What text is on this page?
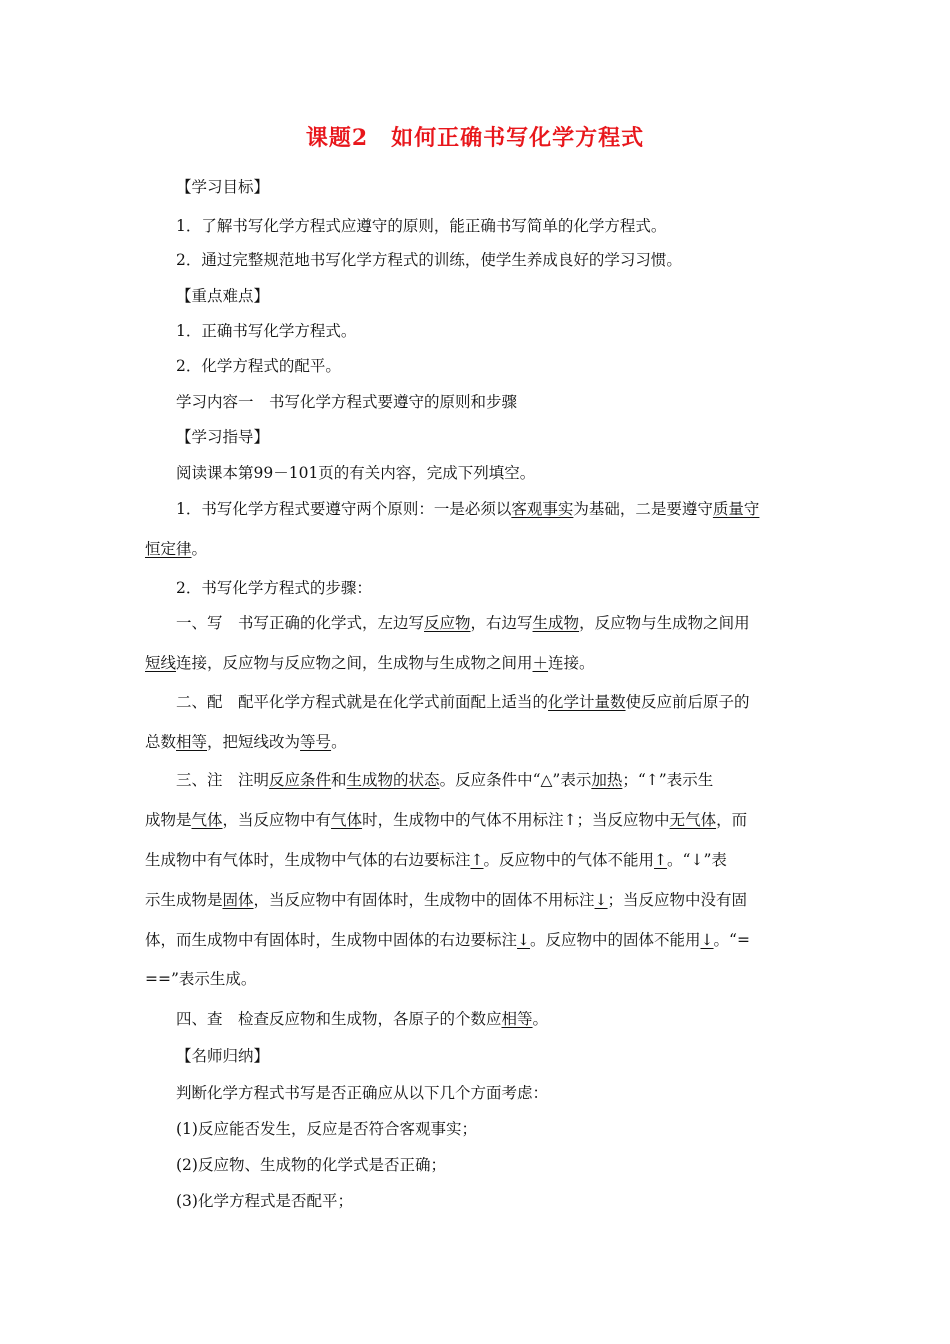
课题2　如何正确书写化学方程式
【学习目标】
1．了解书写化学方程式应遵守的原则，能正确书写简单的化学方程式。
2．通过完整规范地书写化学方程式的训练，使学生养成良好的学习习惯。
【重点难点】
1．正确书写化学方程式。
2．化学方程式的配平。
学习内容一　书写化学方程式要遵守的原则和步骤
【学习指导】
阅读课本第99－101页的有关内容，完成下列填空。
1．书写化学方程式要遵守两个原则：一是必须以客观事实为基础，二是要遵守质量守
恒定律。
2．书写化学方程式的步骤：
一、写　书写正确的化学式，左边写反应物，右边写生成物，反应物与生成物之间用
短线连接，反应物与反应物之间，生成物与生成物之间用＋连接。
二、配　配平化学方程式就是在化学式前面配上适当的化学计量数使反应前后原子的
总数相等，把短线改为等号。
三、注　注明反应条件和生成物的状态。反应条件中“△”表示加热；“↑”表示生
成物是气体，当反应物中有气体时，生成物中的气体不用标注↑；当反应物中无气体，而
生成物中有气体时，生成物中气体的右边要标注↑。反应物中的气体不能用↑。“↓”表
示生成物是固体，当反应物中有固体时，生成物中的固体不用标注↓；当反应物中没有固
体，而生成物中有固体时，生成物中固体的右边要标注↓。反应物中的固体不能用↓。“=
==”表示生成。
四、查　检查反应物和生成物，各原子的个数应相等。
【名师归纳】
判断化学方程式书写是否正确应从以下几个方面考虑：
(1)反应能否发生，反应是否符合客观事实；
(2)反应物、生成物的化学式是否正确；
(3)化学方程式是否配平；
